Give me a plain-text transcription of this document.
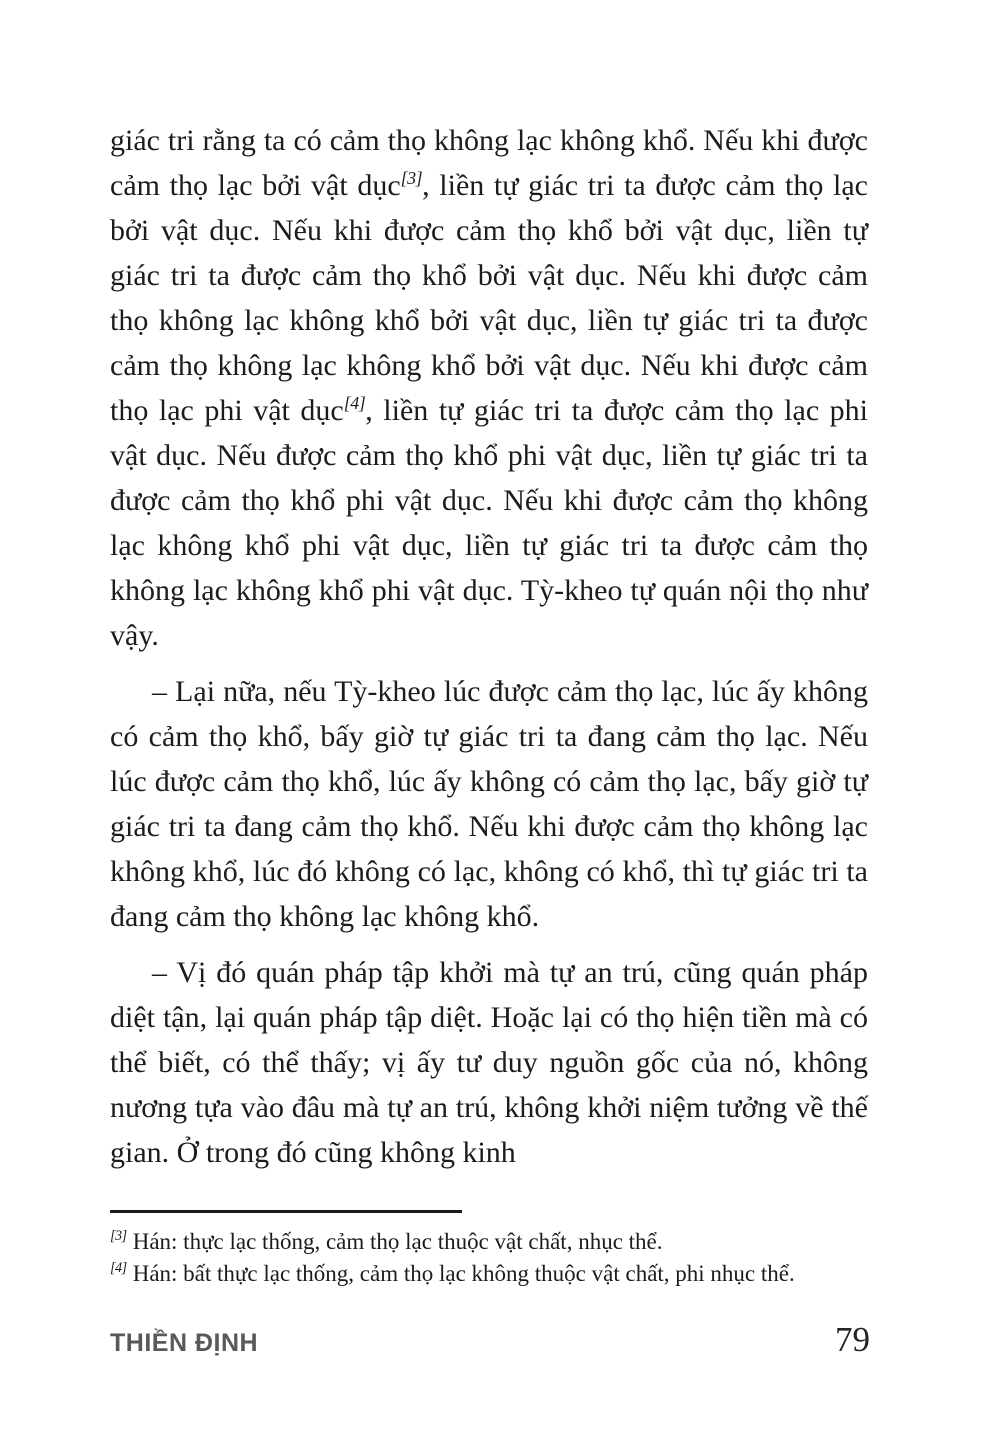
giác tri rằng ta có cảm thọ không lạc không khổ. Nếu khi được cảm thọ lạc bởi vật dục[3], liền tự giác tri ta được cảm thọ lạc bởi vật dục. Nếu khi được cảm thọ khổ bởi vật dục, liền tự giác tri ta được cảm thọ khổ bởi vật dục. Nếu khi được cảm thọ không lạc không khổ bởi vật dục, liền tự giác tri ta được cảm thọ không lạc không khổ bởi vật dục. Nếu khi được cảm thọ lạc phi vật dục[4], liền tự giác tri ta được cảm thọ lạc phi vật dục. Nếu được cảm thọ khổ phi vật dục, liền tự giác tri ta được cảm thọ khổ phi vật dục. Nếu khi được cảm thọ không lạc không khổ phi vật dục, liền tự giác tri ta được cảm thọ không lạc không khổ phi vật dục. Tỳ-kheo tự quán nội thọ như vậy.

– Lại nữa, nếu Tỳ-kheo lúc được cảm thọ lạc, lúc ấy không có cảm thọ khổ, bấy giờ tự giác tri ta đang cảm thọ lạc. Nếu lúc được cảm thọ khổ, lúc ấy không có cảm thọ lạc, bấy giờ tự giác tri ta đang cảm thọ khổ. Nếu khi được cảm thọ không lạc không khổ, lúc đó không có lạc, không có khổ, thì tự giác tri ta đang cảm thọ không lạc không khổ.

– Vị đó quán pháp tập khởi mà tự an trú, cũng quán pháp diệt tận, lại quán pháp tập diệt. Hoặc lại có thọ hiện tiền mà có thể biết, có thể thấy; vị ấy tư duy nguồn gốc của nó, không nương tựa vào đâu mà tự an trú, không khởi niệm tưởng về thế gian. Ở trong đó cũng không kinh

[3] Hán: thực lạc thống, cảm thọ lạc thuộc vật chất, nhục thể.

[4] Hán: bất thực lạc thống, cảm thọ lạc không thuộc vật chất, phi nhục thể.

THIỀN ĐỊNH	79
